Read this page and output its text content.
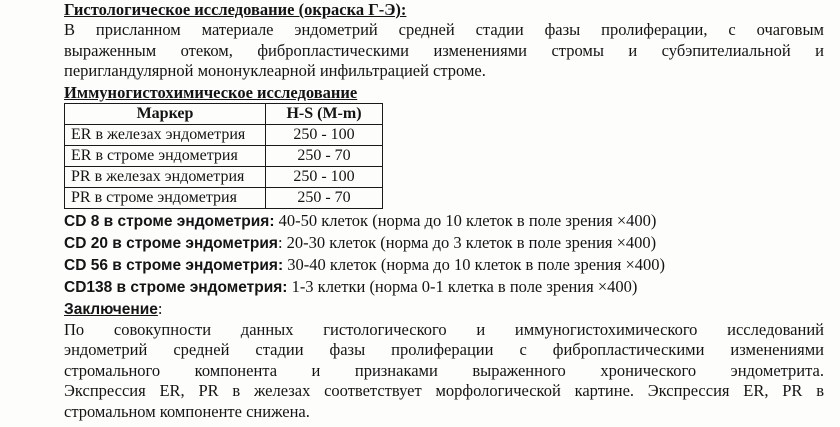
Гистологическое исследование (окраска Г-Э):

В присланном материале эндометрий средней стадии фазы пролиферации, с очаговым
выраженным отеком, фибропластическими изменениями стромы и субэпителиальной и
перигландулярной мононуклеарной инфильтрацией строме.

Иммуногистохимическое исследование

Маркер	H-S (M-m)
ER в железах эндометрия	250 - 100
ER в строме эндометрия	250 - 70
PR в железах эндометрия	250 - 100
PR в строме эндометрия	250 - 70

CD 8 в строме эндометрия: 40-50 клеток (норма до 10 клеток в поле зрения ×400)

CD 20 в строме эндометрия: 20-30 клеток (норма до 3 клеток в поле зрения ×400)

CD 56 в строме эндометрия: 30-40 клеток (норма до 10 клеток в поле зрения ×400)

CD138 в строме эндометрия: 1-3 клетки (норма 0-1 клетка в поле зрения ×400)

Заключение:

По совокупности данных гистологического и иммуногистохимического исследований
эндометрий средней стадии фазы пролиферации с фибропластическими изменениями
стромального компонента и признаками выраженного хронического эндометрита.
Экспрессия ER, PR в железах соответствует морфологической картине. Экспрессия ER, PR в
стромальном компоненте снижена.
